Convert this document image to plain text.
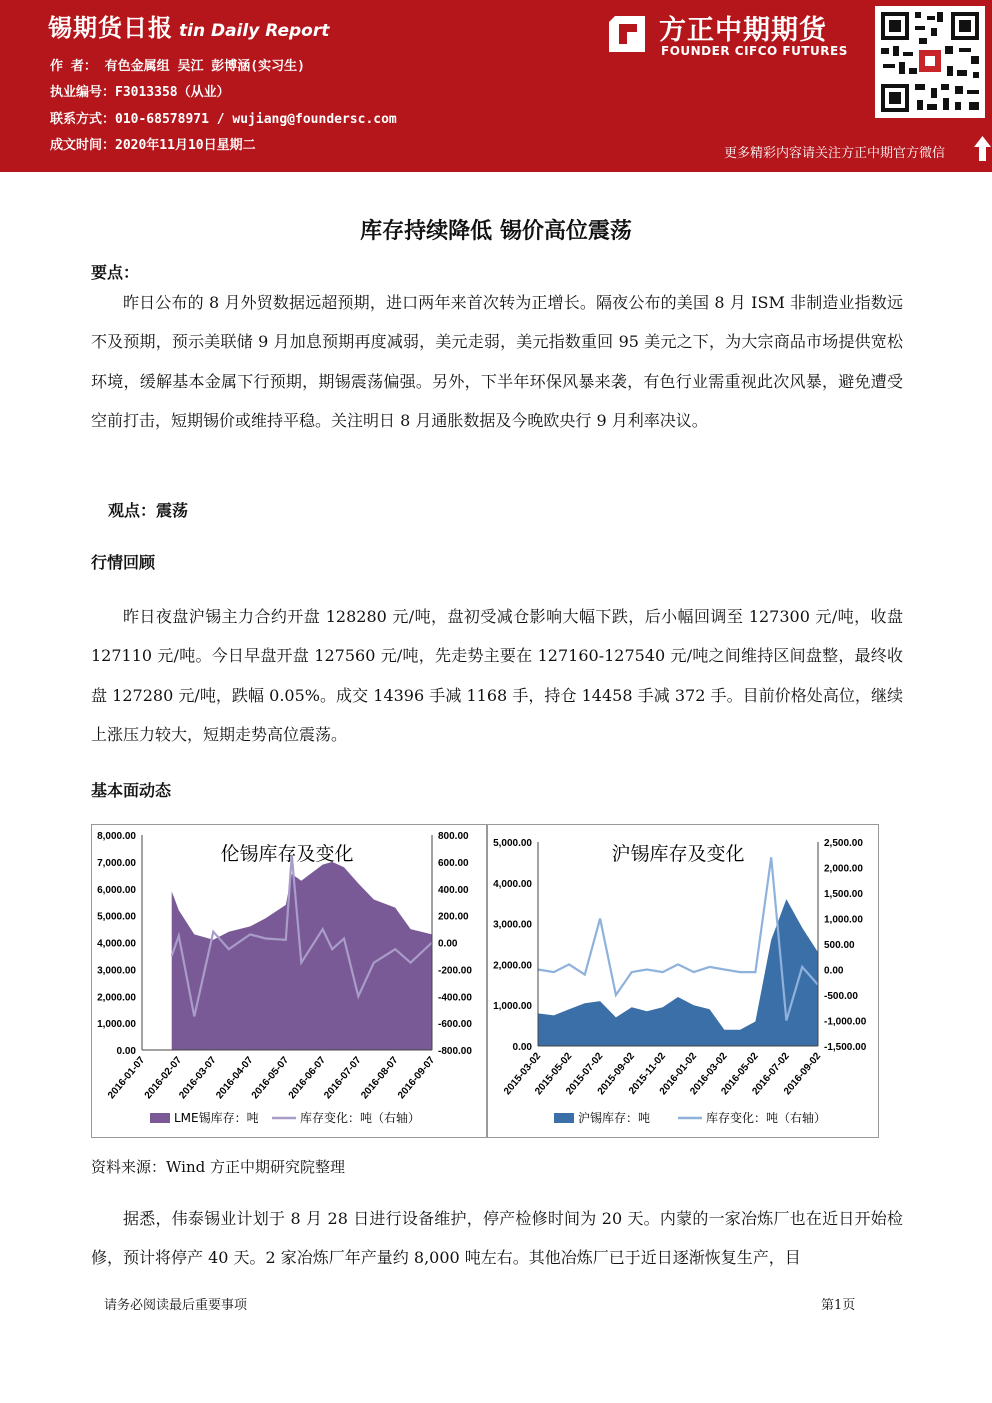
锡期货日报 tin Daily Report
作 者： 有色金属组 吴江 彭博涵(实习生)
执业编号：F3013358（从业）
联系方式：010-68578971 / wujiang@foundersc.com
成文时间：2020年11月10日星期二
方正中期期货
FOUNDER CIFCO FUTURES
更多精彩内容请关注方正中期官方微信
库存持续降低 锡价高位震荡
要点：

昨日公布的 8 月外贸数据远超预期，进口两年来首次转为正增长。隔夜公布的美国 8 月 ISM 非制造业指数远不及预期，预示美联储 9 月加息预期再度减弱，美元走弱，美元指数重回 95 美元之下，为大宗商品市场提供宽松环境，缓解基本金属下行预期，期锡震荡偏强。另外，下半年环保风暴来袭，有色行业需重视此次风暴，避免遭受空前打击，短期锡价或维持平稳。关注明日 8 月通胀数据及今晚欧央行 9 月利率决议。

观点：震荡
行情回顾

昨日夜盘沪锡主力合约开盘 128280 元/吨，盘初受减仓影响大幅下跌，后小幅回调至 127300 元/吨，收盘 127110 元/吨。今日早盘开盘 127560 元/吨，先走势主要在 127160-127540 元/吨之间维持区间盘整，最终收盘 127280 元/吨，跌幅 0.05%。成交 14396 手减 1168 手，持仓 14458 手减 372 手。目前价格处高位，继续上涨压力较大，短期走势高位震荡。

基本面动态
伦锡库存及变化
8,000.00
7,000.00
6,000.00
5,000.00
4,000.00
3,000.00
2,000.00
1,000.00
0.00
800.00
600.00
400.00
200.00
0.00
-200.00
-400.00
-600.00
-800.00
2016-01-07
2016-02-07
2016-03-07
2016-04-07
2016-05-07
2016-06-07
2016-07-07
2016-08-07
2016-09-07
LME锡库存：吨	库存变化：吨（右轴）
沪锡库存及变化
5,000.00
4,000.00
3,000.00
2,000.00
1,000.00
0.00
2,500.00
2,000.00
1,500.00
1,000.00
500.00
0.00
-500.00
-1,000.00
-1,500.00
2015-03-02
2015-05-02
2015-07-02
2015-09-02
2015-11-02
2016-01-02
2016-03-02
2016-05-02
2016-07-02
2016-09-02
沪锡库存：吨	库存变化：吨（右轴）
资料来源：Wind 方正中期研究院整理

据悉，伟泰锡业计划于 8 月 28 日进行设备维护，停产检修时间为 20 天。内蒙的一家冶炼厂也在近日开始检修，预计将停产 40 天。2 家冶炼厂年产量约 8,000 吨左右。其他冶炼厂已于近日逐渐恢复生产，目

请务必阅读最后重要事项	第1页
